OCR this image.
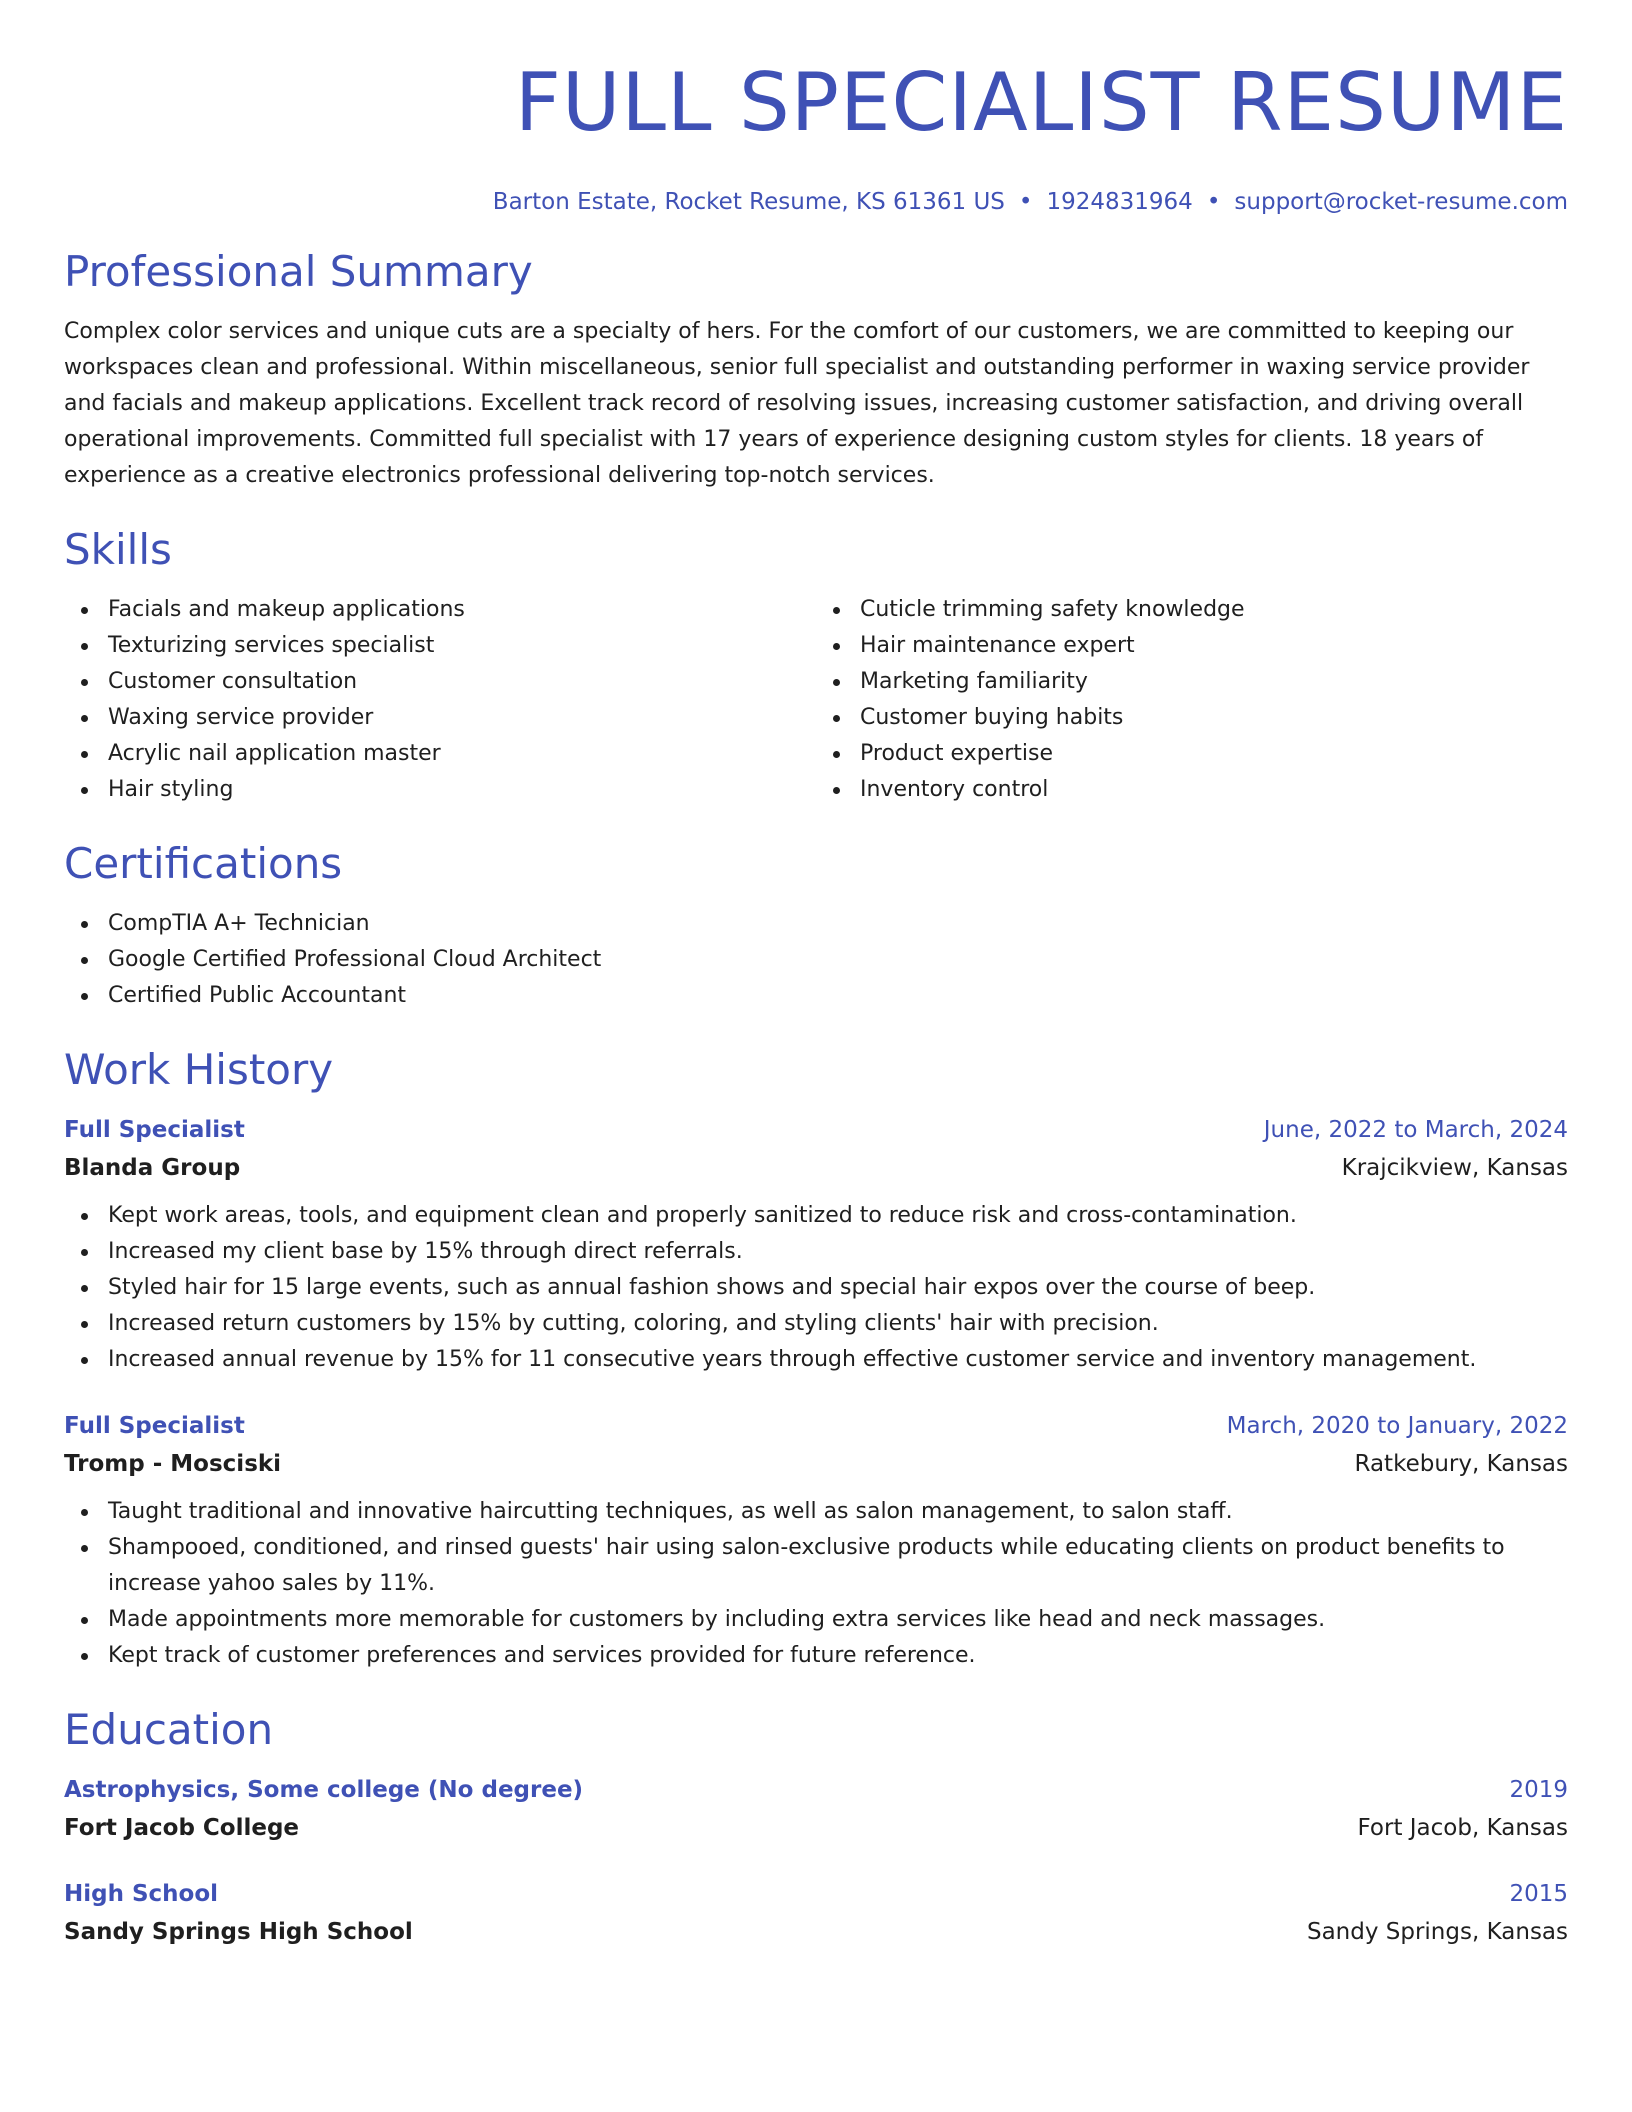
FULL SPECIALIST RESUME
Barton Estate, Rocket Resume, KS 61361 US • 1924831964 • support@rocket-resume.com
Professional Summary

Complex color services and unique cuts are a specialty of hers. For the comfort of our customers, we are committed to keeping our workspaces clean and professional. Within miscellaneous, senior full specialist and outstanding performer in waxing service provider and facials and makeup applications. Excellent track record of resolving issues, increasing customer satisfaction, and driving overall operational improvements. Committed full specialist with 17 years of experience designing custom styles for clients. 18 years of experience as a creative electronics professional delivering top-notch services.

Skills
Facials and makeup applications
Texturizing services specialist
Customer consultation
Waxing service provider
Acrylic nail application master
Hair styling
Cuticle trimming safety knowledge
Hair maintenance expert
Marketing familiarity
Customer buying habits
Product expertise
Inventory control
Certifications
CompTIA A+ Technician
Google Certified Professional Cloud Architect
Certified Public Accountant
Work History
Full Specialist	June, 2022 to March, 2024
Blanda Group	Krajcikview, Kansas
Kept work areas, tools, and equipment clean and properly sanitized to reduce risk and cross-contamination.
Increased my client base by 15% through direct referrals.
Styled hair for 15 large events, such as annual fashion shows and special hair expos over the course of beep.
Increased return customers by 15% by cutting, coloring, and styling clients' hair with precision.
Increased annual revenue by 15% for 11 consecutive years through effective customer service and inventory management.
Full Specialist	March, 2020 to January, 2022
Tromp - Mosciski	Ratkebury, Kansas
Taught traditional and innovative haircutting techniques, as well as salon management, to salon staff.
Shampooed, conditioned, and rinsed guests' hair using salon-exclusive products while educating clients on product benefits to increase yahoo sales by 11%.
Made appointments more memorable for customers by including extra services like head and neck massages.
Kept track of customer preferences and services provided for future reference.
Education
Astrophysics, Some college (No degree)	2019
Fort Jacob College	Fort Jacob, Kansas
High School	2015
Sandy Springs High School	Sandy Springs, Kansas
